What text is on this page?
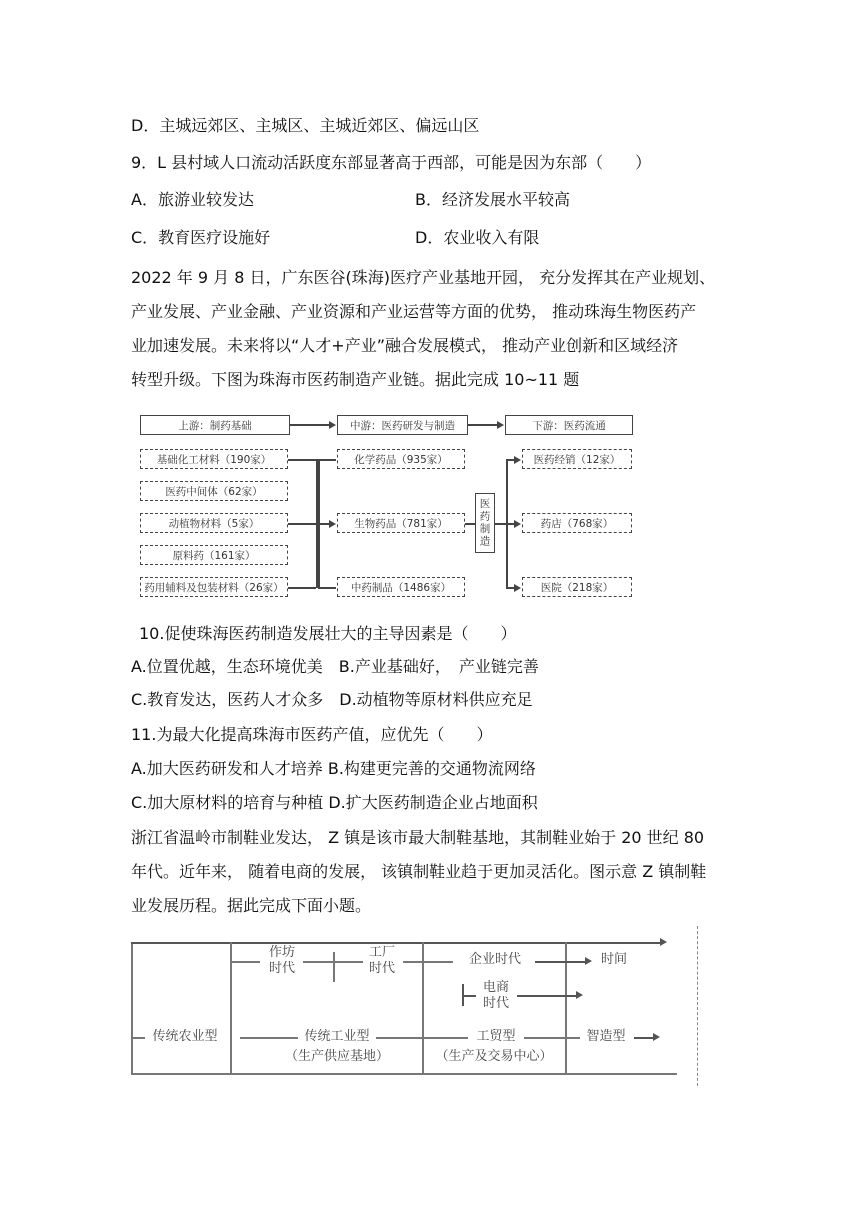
D．主城远郊区、主城区、主城近郊区、偏远山区
9．L 县村域人口流动活跃度东部显著高于西部，可能是因为东部（　　）
A．旅游业较发达	B．经济发展水平较高
C．教育医疗设施好	D．农业收入有限
2022 年 9 月 8 日，广东医谷(珠海)医疗产业基地开园， 充分发挥其在产业规划、
产业发展、产业金融、产业资源和产业运营等方面的优势， 推动珠海生物医药产
业加速发展。未来将以“人才+产业”融合发展模式， 推动产业创新和区域经济
转型升级。下图为珠海市医药制造产业链。据此完成 10~11 题
上游：制药基础	中游：医药研发与制造	下游：医药流通
基础化工材料（190家）
医药中间体（62家）
动植物材料（5家）
原料药（161家）
药用辅料及包装材料（26家）
化学药品（935家）
生物药品（781家）
中药制品（1486家）
医药制造
医药经销（12家）
药店（768家）
医院（218家）
10.促使珠海医药制造发展壮大的主导因素是（　　）
A.位置优越，生态环境优美　B.产业基础好，　产业链完善
C.教育发达，医药人才众多　D.动植物等原材料供应充足
11.为最大化提高珠海市医药产值，应优先（　　）
A.加大医药研发和人才培养 B.构建更完善的交通物流网络
C.加大原材料的培育与种植 D.扩大医药制造企业占地面积
浙江省温岭市制鞋业发达， Z 镇是该市最大制鞋基地，其制鞋业始于 20 世纪 80
年代。近年来， 随着电商的发展， 该镇制鞋业趋于更加灵活化。图示意 Z 镇制鞋
业发展历程。据此完成下面小题。
作坊
时代
工厂
时代
企业时代	时间
电商
时代
传统农业型	传统工业型
（生产供应基地）
工贸型
（生产及交易中心）
智造型
